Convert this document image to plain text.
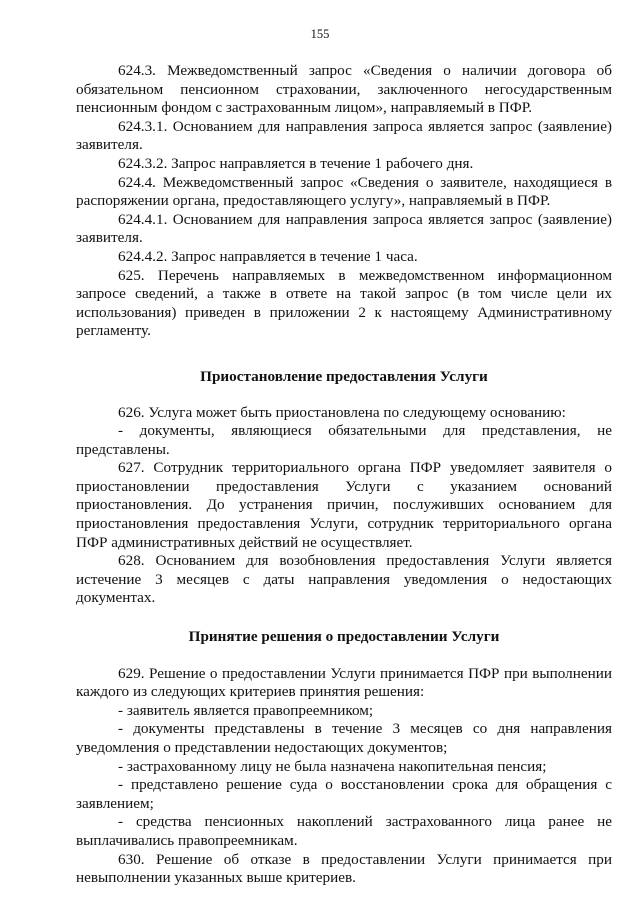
155

624.3. Межведомственный запрос «Сведения о наличии договора об обязательном пенсионном страховании, заключенного негосударственным пенсионным фондом с застрахованным лицом», направляемый в ПФР.

624.3.1. Основанием для направления запроса является запрос (заявление) заявителя.

624.3.2. Запрос направляется в течение 1 рабочего дня.

624.4. Межведомственный запрос «Сведения о заявителе, находящиеся в распоряжении органа, предоставляющего услугу», направляемый в ПФР.

624.4.1. Основанием для направления запроса является запрос (заявление) заявителя.

624.4.2. Запрос направляется в течение 1 часа.

625. Перечень направляемых в межведомственном информационном запросе сведений, а также в ответе на такой запрос (в том числе цели их использования) приведен в приложении 2 к настоящему Административному регламенту.

Приостановление предоставления Услуги

626. Услуга может быть приостановлена по следующему основанию:

- документы, являющиеся обязательными для представления, не представлены.

627. Сотрудник территориального органа ПФР уведомляет заявителя о приостановлении предоставления Услуги с указанием оснований приостановления. До устранения причин, послуживших основанием для приостановления предоставления Услуги, сотрудник территориального органа ПФР административных действий не осуществляет.

628. Основанием для возобновления предоставления Услуги является истечение 3 месяцев с даты направления уведомления о недостающих документах.

Принятие решения о предоставлении Услуги

629. Решение о предоставлении Услуги принимается ПФР при выполнении каждого из следующих критериев принятия решения:

- заявитель является правопреемником;

- документы представлены в течение 3 месяцев со дня направления уведомления о представлении недостающих документов;

- застрахованному лицу не была назначена накопительная пенсия;

- представлено решение суда о восстановлении срока для обращения с заявлением;

- средства пенсионных накоплений застрахованного лица ранее не выплачивались правопреемникам.

630. Решение об отказе в предоставлении Услуги принимается при невыполнении указанных выше критериев.
